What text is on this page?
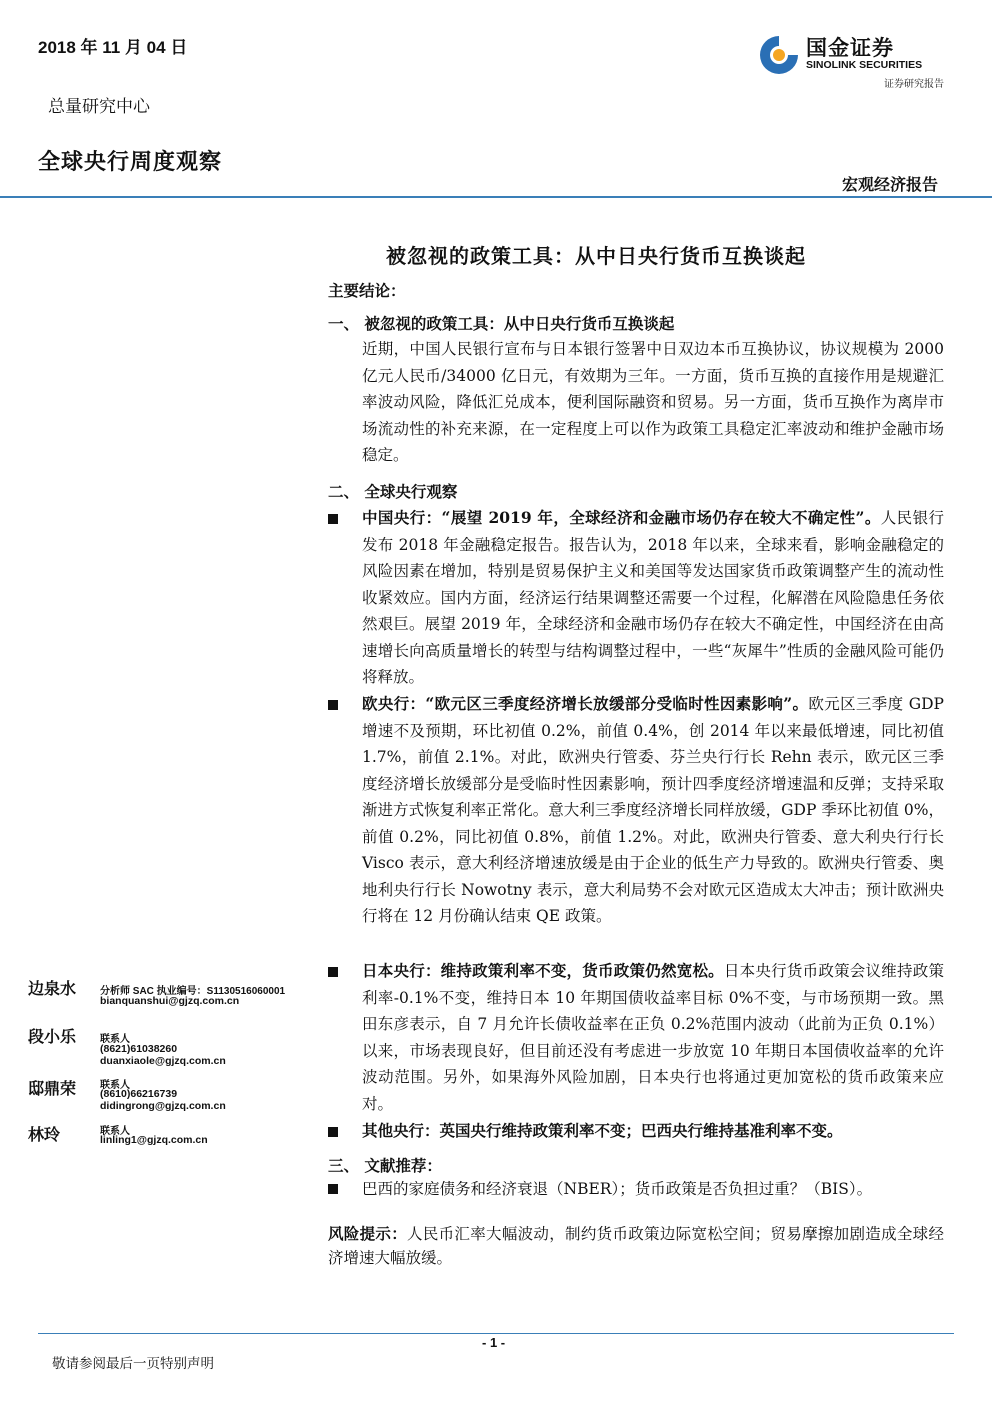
2018 年 11 月 04 日
总量研究中心
全球央行周度观察
国金证券
SINOLINK SECURITIES
证券研究报告
宏观经济报告
被忽视的政策工具：从中日央行货币互换谈起
主要结论：
一、 被忽视的政策工具：从中日央行货币互换谈起
近期，中国人民银行宣布与日本银行签署中日双边本币互换协议，协议规模为 2000 亿元人民币/34000 亿日元，有效期为三年。一方面，货币互换的直接作用是规避汇率波动风险，降低汇兑成本，便利国际融资和贸易。另一方面，货币互换作为离岸市场流动性的补充来源，在一定程度上可以作为政策工具稳定汇率波动和维护金融市场稳定。
二、 全球央行观察
中国央行：“展望 2019 年，全球经济和金融市场仍存在较大不确定性”。人民银行发布 2018 年金融稳定报告。报告认为，2018 年以来，全球来看，影响金融稳定的风险因素在增加，特别是贸易保护主义和美国等发达国家货币政策调整产生的流动性收紧效应。国内方面，经济运行结果调整还需要一个过程，化解潜在风险隐患任务依然艰巨。展望 2019 年，全球经济和金融市场仍存在较大不确定性，中国经济在由高速增长向高质量增长的转型与结构调整过程中，一些“灰犀牛”性质的金融风险可能仍将释放。
欧央行：“欧元区三季度经济增长放缓部分受临时性因素影响”。欧元区三季度 GDP 增速不及预期，环比初值 0.2%，前值 0.4%，创 2014 年以来最低增速，同比初值 1.7%，前值 2.1%。对此，欧洲央行管委、芬兰央行行长 Rehn 表示，欧元区三季度经济增长放缓部分是受临时性因素影响，预计四季度经济增速温和反弹；支持采取渐进方式恢复利率正常化。意大利三季度经济增长同样放缓，GDP 季环比初值 0%，前值 0.2%，同比初值 0.8%，前值 1.2%。对此，欧洲央行管委、意大利央行行长 Visco 表示，意大利经济增速放缓是由于企业的低生产力导致的。欧洲央行管委、奥地利央行行长 Nowotny 表示，意大利局势不会对欧元区造成太大冲击；预计欧洲央行将在 12 月份确认结束 QE 政策。
日本央行：维持政策利率不变，货币政策仍然宽松。日本央行货币政策会议维持政策利率-0.1%不变，维持日本 10 年期国债收益率目标 0%不变，与市场预期一致。黑田东彦表示，自 7 月允许长债收益率在正负 0.2%范围内波动（此前为正负 0.1%）以来，市场表现良好，但目前还没有考虑进一步放宽 10 年期日本国债收益率的允许波动范围。另外，如果海外风险加剧，日本央行也将通过更加宽松的货币政策来应对。
其他央行：英国央行维持政策利率不变；巴西央行维持基准利率不变。
三、 文献推荐：
巴西的家庭债务和经济衰退（NBER）；货币政策是否负担过重？（BIS）。
风险提示：人民币汇率大幅波动，制约货币政策边际宽松空间；贸易摩擦加剧造成全球经济增速大幅放缓。
边泉水 分析师 SAC 执业编号：S1130516060001
bianquanshui@gjzq.com.cn
段小乐 联系人
(8621)61038260
duanxiaole@gjzq.com.cn
邸鼎荣 联系人
(8610)66216739
didingrong@gjzq.com.cn
林玲	联系人
linling1@gjzq.com.cn
- 1 -
敬请参阅最后一页特别声明
